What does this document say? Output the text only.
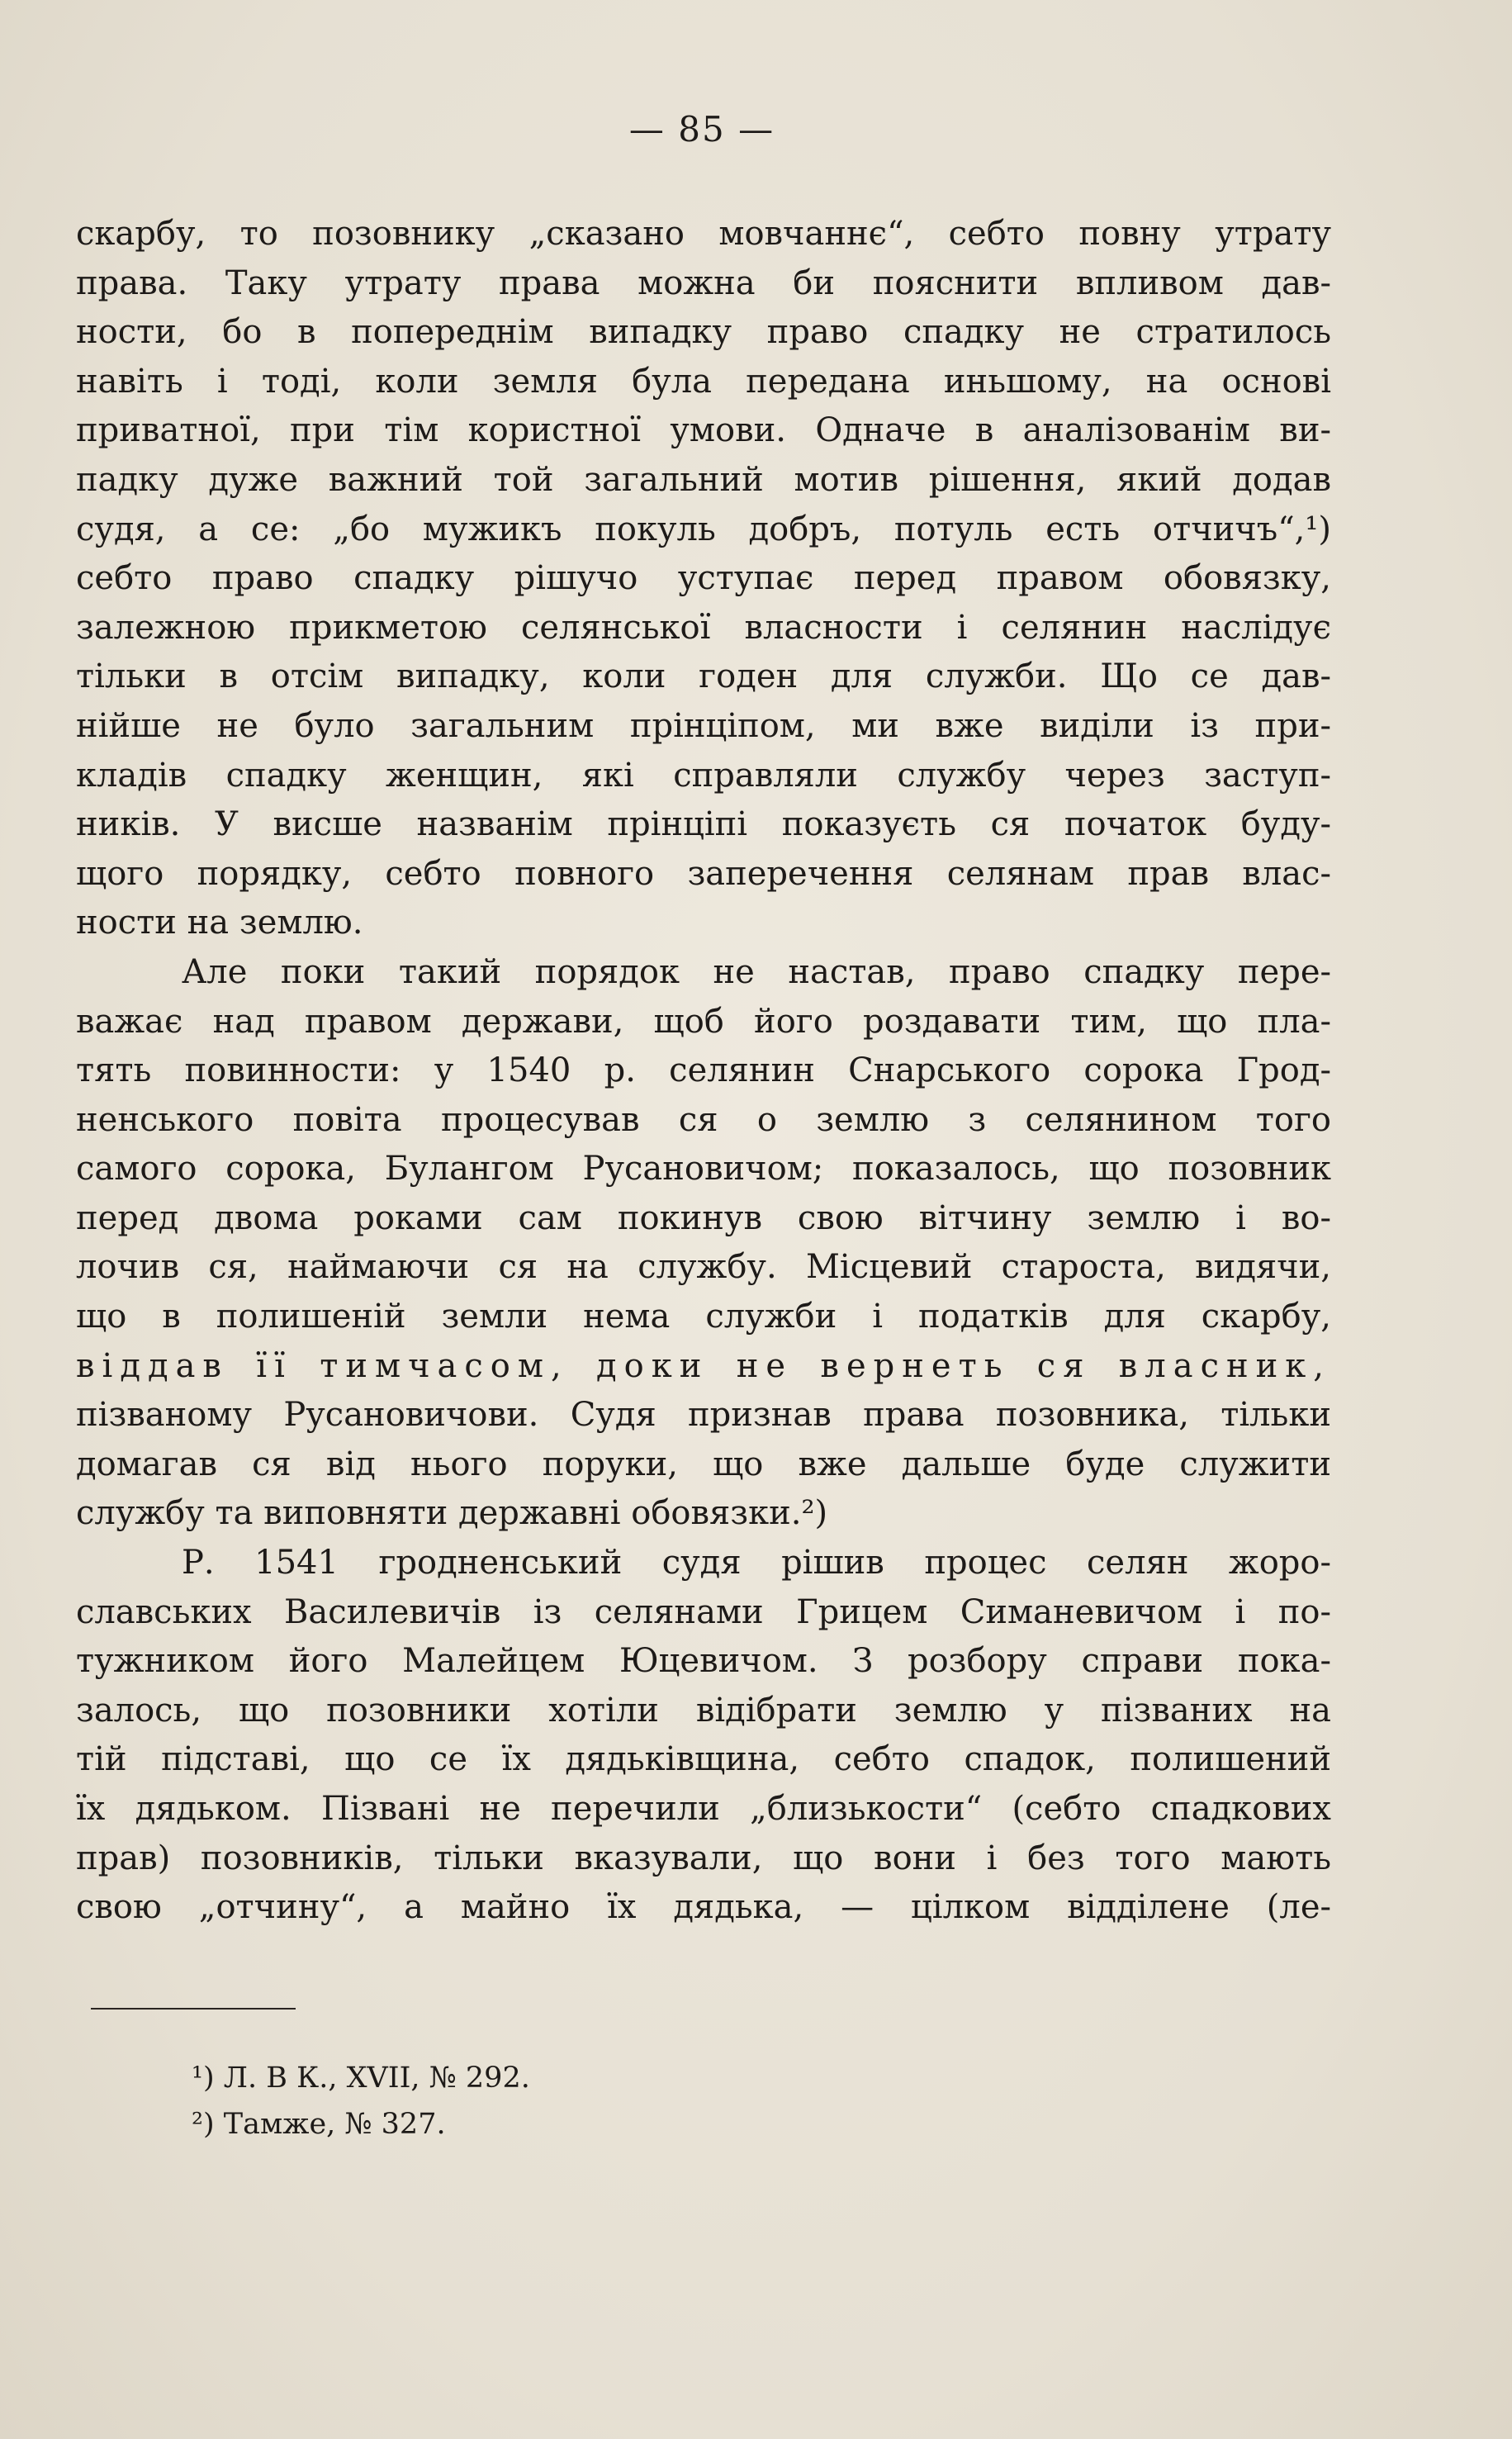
— 85 —
скарбу, то позовнику „сказано мовчаннє“, себто повну утрату
права. Таку утрату права можна би пояснити впливом дав-
ности, бо в попереднім випадку право спадку не стратилось
навіть і тоді, коли земля була передана иньшому, на основі
приватної, при тім користної умови. Одначе в аналізованім ви-
падку дуже важний той загальний мотив рішення, який додав
судя, а се: „бо мужикъ покуль добръ, потуль есть отчичъ“,¹)
себто право спадку рішучо уступає перед правом обовязку,
залежною прикметою селянської власности і селянин наслідує
тільки в отсім випадку, коли годен для служби. Що се дав-
нійше не було загальним прінціпом, ми вже виділи із при-
кладів спадку женщин, які справляли службу через заступ-
ників. У висше названім прінціпі показуєть ся початок буду-
щого порядку, себто повного заперечення селянам прав влас-
ности на землю.
Але поки такий порядок не настав, право спадку пере-
важає над правом держави, щоб його роздавати тим, що пла-
тять повинности: у 1540 р. селянин Снарського сорока Грод-
ненського повіта процесував ся о землю з селянином того
самого сорока, Булангом Русановичом; показалось, що позовник
перед двома роками сам покинув свою вітчину землю і во-
лочив ся, наймаючи ся на службу. Місцевий староста, видячи,
що в полишеній земли нема служби і податків для скарбу,
віддав її тимчасом, доки не вернеть ся власник,
пізваному Русановичови. Судя признав права позовника, тільки
домагав ся від нього поруки, що вже дальше буде служити
службу та виповняти державні обовязки.²)
Р. 1541 гродненський судя рішив процес селян жоро-
славських Василевичів із селянами Грицем Симаневичом і по-
тужником його Малейцем Юцевичом. З розбору справи пока-
залось, що позовники хотіли відібрати землю у пізваних на
тій підставі, що се їх дядьківщина, себто спадок, полишений
їх дядьком. Пізвані не перечили „близькости“ (себто спадкових
прав) позовників, тільки вказували, що вони і без того мають
свою „отчину“, а майно їх дядька, — цілком відділене (ле-
¹) Л. В К., XVII, № 292.
²) Тамже, № 327.
